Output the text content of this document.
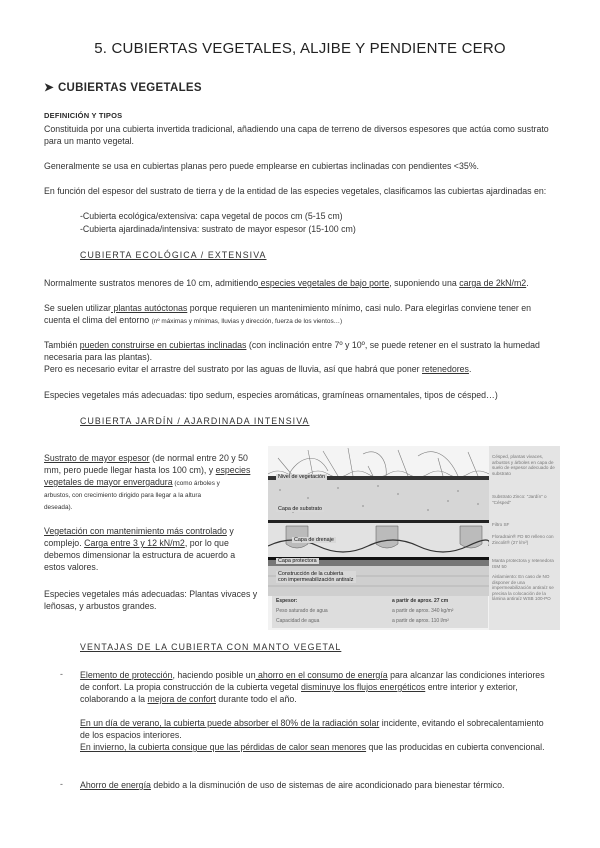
5. CUBIERTAS VEGETALES, ALJIBE Y PENDIENTE CERO
➤ CUBIERTAS VEGETALES
DEFINICIÓN Y TIPOS
Constituida por una cubierta invertida tradicional, añadiendo una capa de terreno de diversos espesores que actúa como sustrato
para un manto vegetal.
Generalmente se usa en cubiertas planas pero puede emplearse en cubiertas inclinadas con pendientes <35%.
En función del espesor del sustrato de tierra y de la entidad de las especies vegetales, clasificamos las cubiertas ajardinadas en:
-Cubierta ecológica/extensiva: capa vegetal de pocos cm (5-15 cm)
-Cubierta ajardinada/intensiva: sustrato de mayor espesor (15-100 cm)
CUBIERTA ECOLÓGICA / EXTENSIVA
Normalmente sustratos menores de 10 cm, admitiendo especies vegetales de bajo porte, suponiendo una carga de 2kN/m2.
Se suelen utilizar plantas autóctonas porque requieren un mantenimiento mínimo, casi nulo. Para elegirlas conviene tener en
cuenta el clima del entorno (nº máximas y mínimas, lluvias y dirección, fuerza de los vientos…)
También pueden construirse en cubiertas inclinadas (con inclinación entre 7º y 10º, se puede retener en el sustrato la humedad
necesaria para las plantas).
Pero es necesario evitar el arrastre del sustrato por las aguas de lluvia, así que habrá que poner retenedores.
Especies vegetales más adecuadas: tipo sedum, especies aromáticas, gramíneas ornamentales, tipos de césped…)
CUBIERTA JARDÍN / AJARDINADA INTENSIVA
Sustrato de mayor espesor (de normal entre 20 y 50
mm, pero puede llegar hasta los 100 cm), y especies
vegetales de mayor envergadura (como árboles y
arbustos, con crecimiento dirigido para llegar a la altura
deseada).
Vegetación con mantenimiento más controlado y
complejo. Carga entre 3 y 12 kN/m2, por lo que
debemos dimensionar la estructura de acuerdo a
estos valores.
Especies vegetales más adecuadas: Plantas vivaces y
leñosas, y arbustos grandes.
Nivel de vegetación
Capa de substrato
Capa de drenaje
Capa protectora
Construcción de la cubierta
con impermeabilización antiraíz
Espesor:	a partir de aprox. 27 cm
Peso saturado de agua	a partir de aprox. 340 kg/m²
Capacidad de agua	a partir de aprox. 110 l/m²
Césped, plantas vivaces, arbustos y árboles en capa de suelo de espesor adecuado de substrato
Substrato Zinco: "Jardín" o "Césped"
Filtro SF
Floradrain® FD 60 relleno con Zincolit® (27 l/m²)
Manta protectora y retenedora ISM 50
Aislamiento: En caso de NO disponer de una impermeabilización antiraíz se precisa la colocación de la lámina antiraíz WSB 100-PO
VENTAJAS DE LA CUBIERTA CON MANTO VEGETAL
- Elemento de protección, haciendo posible un ahorro en el consumo de energía para alcanzar las condiciones interiores
de confort. La propia construcción de la cubierta vegetal disminuye los flujos energéticos entre interior y exterior,
colaborando a la mejora de confort durante todo el año.
En un día de verano, la cubierta puede absorber el 80% de la radiación solar incidente, evitando el sobrecalentamiento
de los espacios interiores.
En invierno, la cubierta consigue que las pérdidas de calor sean menores que las producidas en cubierta convencional.
- Ahorro de energía debido a la disminución de uso de sistemas de aire acondicionado para bienestar térmico.
